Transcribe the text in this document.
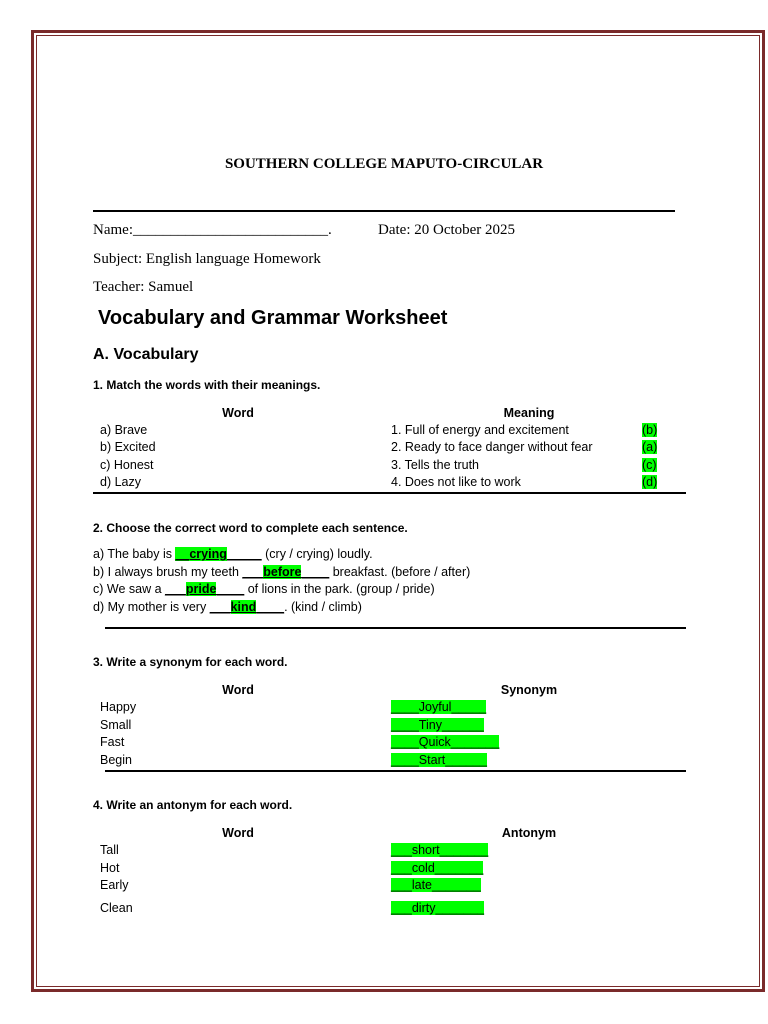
SOUTHERN COLLEGE MAPUTO-CIRCULAR
Name:__________________________.	Date: 20 October 2025
Subject: English language Homework
Teacher: Samuel
Vocabulary and Grammar Worksheet
A. Vocabulary
1. Match the words with their meanings.
Word	Meaning
a) Brave	1. Full of energy and excitement	(b)
b) Excited	2. Ready to face danger without fear	(a)
c) Honest	3. Tells the truth	(c)
d) Lazy	4. Does not like to work	(d)
2. Choose the correct word to complete each sentence.
a) The baby is __crying_____ (cry / crying) loudly.
b) I always brush my teeth ___before____ breakfast. (before / after)
c) We saw a ___pride____ of lions in the park. (group / pride)
d) My mother is very ___kind____. (kind / climb)
3. Write a synonym for each word.
Word	Synonym
Happy	____Joyful_____
Small	____Tiny______
Fast	____Quick_______
Begin	____Start______
4. Write an antonym for each word.
Word	Antonym
Tall	___short_______
Hot	___cold_______
Early	___late_______
Clean	___dirty_______
